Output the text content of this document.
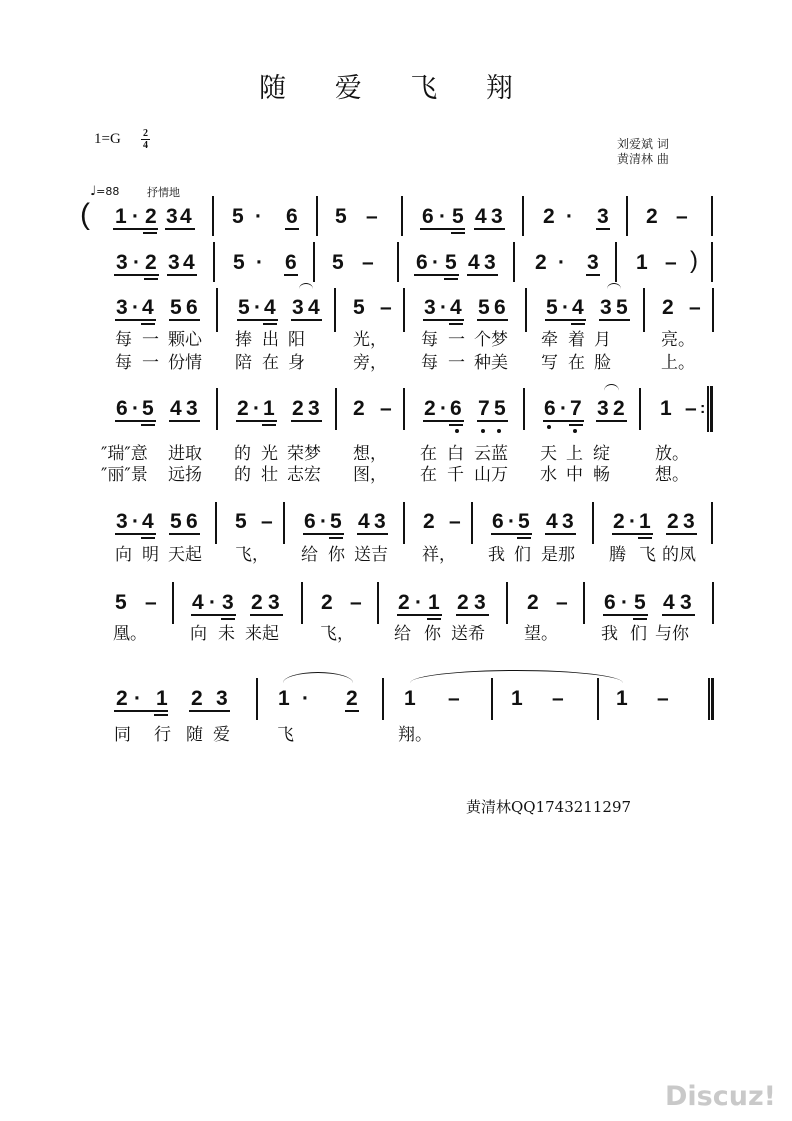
随 爱 飞 翔
1=G 2
4	刘爱斌 词
黄清林 曲
♩=88	抒情地
( 1 · 2 3 4 5 · 6 5 – 6 · 5 4 3 2 · 3 2 –
3 · 2 3 4 5 · 6 5 – 6 · 5 4 3 2 · 3 1 – )
3 · 4 5 6 5 · 4 3 4 5 – 3 · 4 5 6 5 · 4 3 5 2 –
每 一 颗心 捧 出 阳	光， 每 一 个梦 牵 着 月	亮。
每 一 份情 陪 在 身	旁， 每 一 种美 写 在 脸	上。
6 · 5 4 3 2 · 1 2 3 2 – 2 · 6 7 5 6 · 7 3 2 1 – :
″瑞″意 进取 的 光 荣梦 想， 在 白 云蓝 天 上 绽	放。
″丽″景 远扬 的 壮 志宏 图， 在 千 山万 水 中 畅	想。
3 · 4 5 6 5 – 6 · 5 4 3 2 – 6 · 5 4 3 2 · 1 2 3
向 明 天起 飞， 给 你 送吉 祥， 我 们 是那 腾 飞 的凤
5 – 4 · 3 2 3 2 – 2 · 1 2 3 2 – 6 · 5 4 3
凰。	向 未 来起 飞， 给 你 送希 望。	我 们 与你
2 · 1 2 3 1 · 2 1 – 1 – 1 –
同 行 随 爱	飞	翔。
黄清林QQ1743211297
Discuz!
